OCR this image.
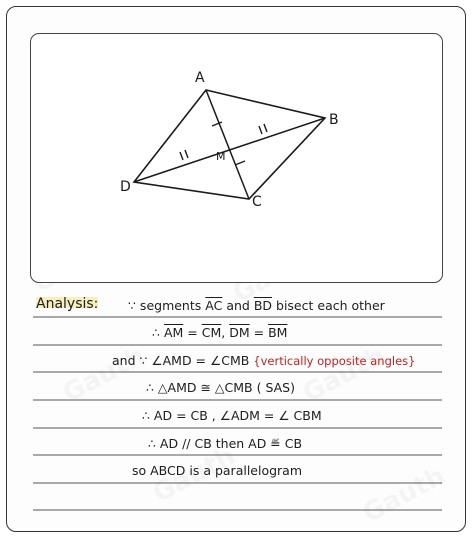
A
B
C
D
M
Analysis: ∵ segments $\overline{AC}$ and $\overline{BD}$ bisect each other
∴ $\overline{AM} = \overline{CM}$, $\overline{DM} = \overline{BM}$
and ∵ ∠AMD = ∠CMB {vertically opposite angles}
∴ △AMD ≅ △CMB ( SAS)
∴ AD = CB , ∠ADM = ∠ CBM
∴ AD // CB then AD ≝ CB
so ABCD is a parallelogram
